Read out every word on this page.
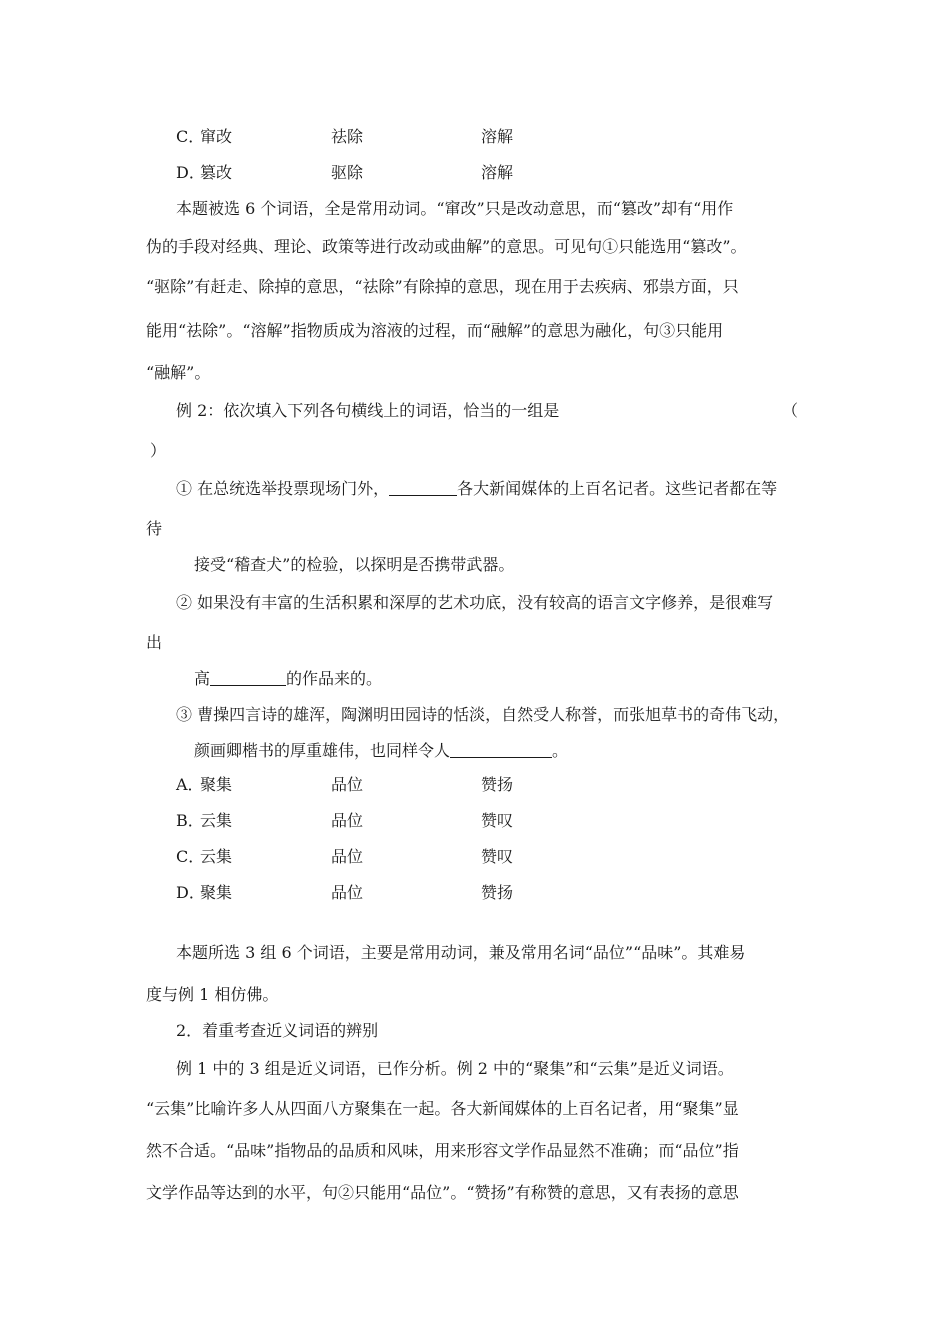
C．
窜改	祛除	溶解
D．
篡改	驱除	溶解
本题被选 6 个词语，全是常用动词。“窜改”只是改动意思，而“篡改”却有“用作
伪的手段对经典、理论、政策等进行改动或曲解”的意思。可见句①只能选用“篡改”。
“驱除”有赶走、除掉的意思，“祛除”有除掉的意思，现在用于去疾病、邪祟方面，只
能用“祛除”。“溶解”指物质成为溶液的过程，而“融解”的意思为融化，句③只能用
“融解”。
例 2：依次填入下列各句横线上的词语，恰当的一组是	（
）
① 在总统选举投票现场门外，	各大新闻媒体的上百名记者。这些记者都在等
待
接受“稽查犬”的检验，以探明是否携带武器。
② 如果没有丰富的生活积累和深厚的艺术功底，没有较高的语言文字修养，是很难写
出
高	的作品来的。
③ 曹操四言诗的雄浑，陶渊明田园诗的恬淡，自然受人称誉，而张旭草书的奇伟飞动，
颜画卿楷书的厚重雄伟，也同样令人	。
A．
聚集	品位	赞扬
B．
云集	品位	赞叹
C．
云集	品位	赞叹
D．
聚集	品位	赞扬
本题所选 3 组 6 个词语，主要是常用动词，兼及常用名词“品位”“品味”。其难易
度与例 1 相仿佛。
2．着重考查近义词语的辨别
例 1 中的 3 组是近义词语，已作分析。例 2 中的“聚集”和“云集”是近义词语。
“云集”比喻许多人从四面八方聚集在一起。各大新闻媒体的上百名记者，用“聚集”显
然不合适。“品味”指物品的品质和风味，用来形容文学作品显然不准确；而“品位”指
文学作品等达到的水平，句②只能用“品位”。“赞扬”有称赞的意思，又有表扬的意思
